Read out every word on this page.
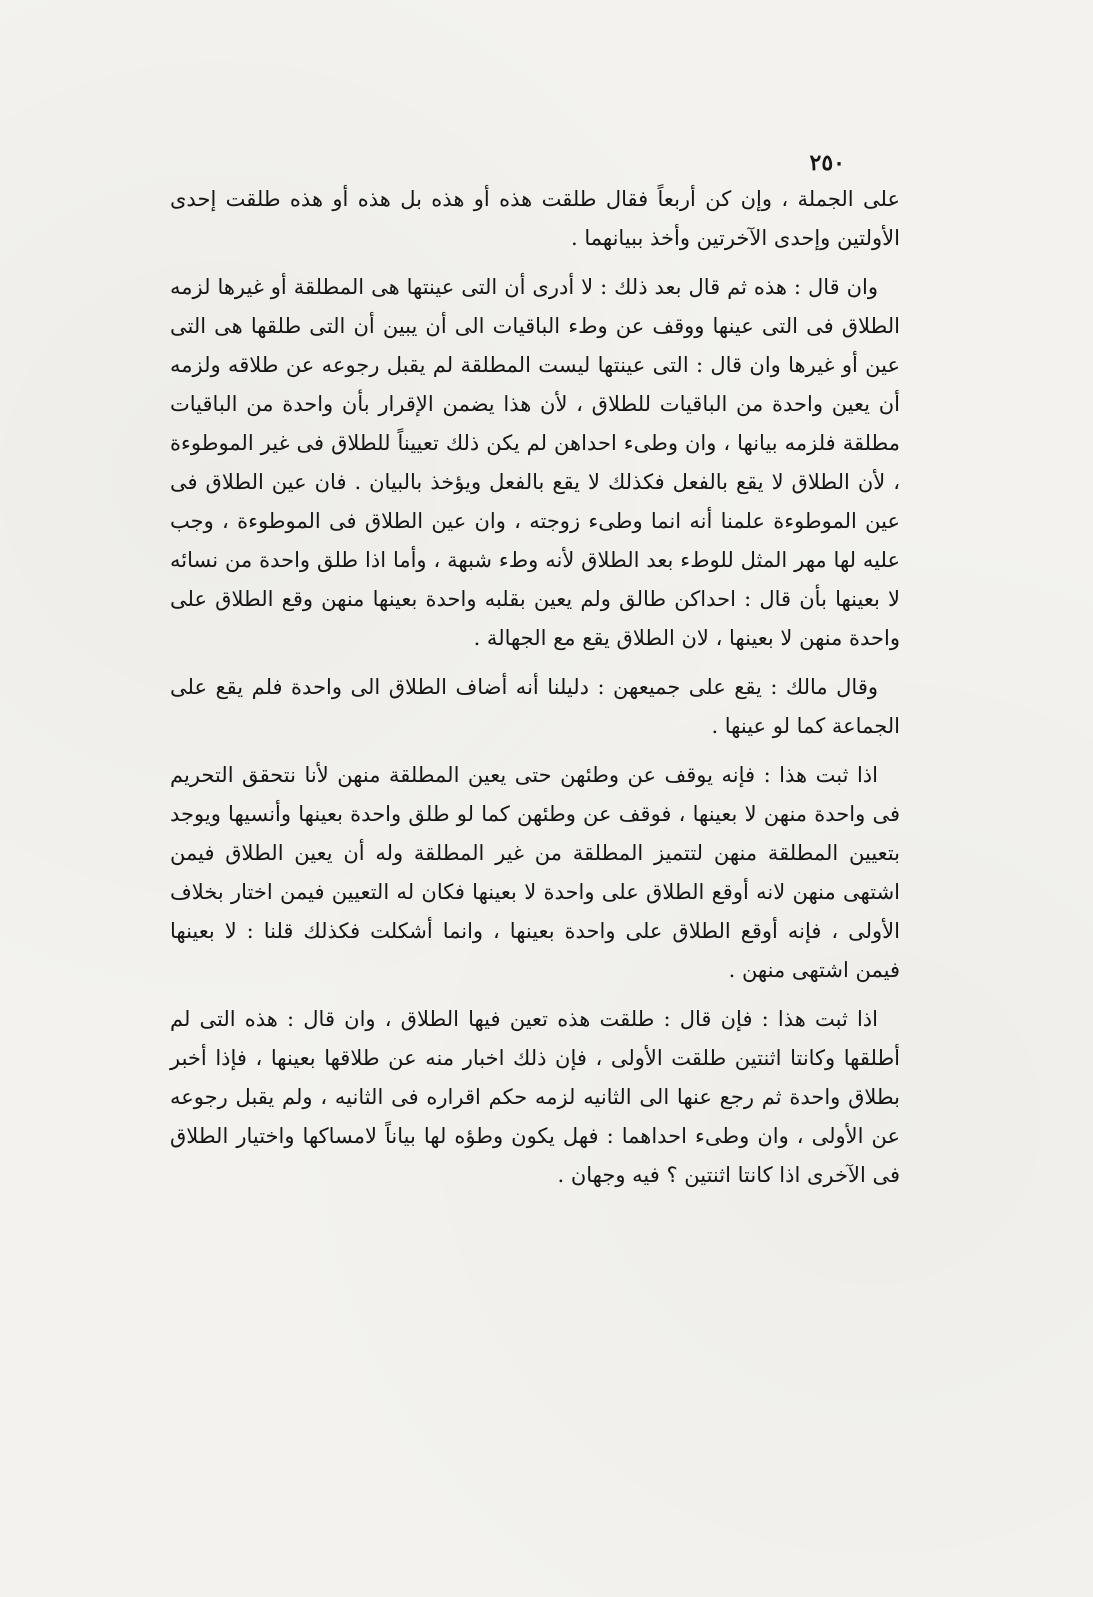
٢٥٠

على الجملة ، وإن كن أربعاً فقال طلقت هذه أو هذه بل هذه أو هذه طلقت إحدى الأولتين وإحدى الآخرتين وأخذ ببيانهما .

وان قال : هذه ثم قال بعد ذلك : لا أدرى أن التى عينتها هى المطلقة أو غيرها لزمه الطلاق فى التى عينها ووقف عن وطء الباقيات الى أن يبين أن التى طلقها هى التى عين أو غيرها وان قال : التى عينتها ليست المطلقة لم يقبل رجوعه عن طلاقه ولزمه أن يعين واحدة من الباقيات للطلاق ، لأن هذا يضمن الإقرار بأن واحدة من الباقيات مطلقة فلزمه بيانها ، وان وطىء احداهن لم يكن ذلك تعييناً للطلاق فى غير الموطوءة ، لأن الطلاق لا يقع بالفعل فكذلك لا يقع بالفعل ويؤخذ بالبيان . فان عين الطلاق فى عين الموطوءة علمنا أنه انما وطىء زوجته ، وان عين الطلاق فى الموطوءة ، وجب عليه لها مهر المثل للوطء بعد الطلاق لأنه وطء شبهة ، وأما اذا طلق واحدة من نسائه لا بعينها بأن قال : احداكن طالق ولم يعين بقلبه واحدة بعينها منهن وقع الطلاق على واحدة منهن لا بعينها ، لان الطلاق يقع مع الجهالة .

وقال مالك : يقع على جميعهن : دليلنا أنه أضاف الطلاق الى واحدة فلم يقع على الجماعة كما لو عينها .

اذا ثبت هذا : فإنه يوقف عن وطئهن حتى يعين المطلقة منهن لأنا نتحقق التحريم فى واحدة منهن لا بعينها ، فوقف عن وطئهن كما لو طلق واحدة بعينها وأنسيها ويوجد بتعيين المطلقة منهن لتتميز المطلقة من غير المطلقة وله أن يعين الطلاق فيمن اشتهى منهن لانه أوقع الطلاق على واحدة لا بعينها فكان له التعيين فيمن اختار بخلاف الأولى ، فإنه أوقع الطلاق على واحدة بعينها ، وانما أشكلت فكذلك قلنا : لا بعينها فيمن اشتهى منهن .

اذا ثبت هذا : فإن قال : طلقت هذه تعين فيها الطلاق ، وان قال : هذه التى لم أطلقها وكانتا اثنتين طلقت الأولى ، فإن ذلك اخبار منه عن طلاقها بعينها ، فإذا أخبر بطلاق واحدة ثم رجع عنها الى الثانيه لزمه حكم اقراره فى الثانيه ، ولم يقبل رجوعه عن الأولى ، وان وطىء احداهما : فهل يكون وطؤه لها بياناً لامساكها واختيار الطلاق فى الآخرى اذا كانتا اثنتين ؟ فيه وجهان .
